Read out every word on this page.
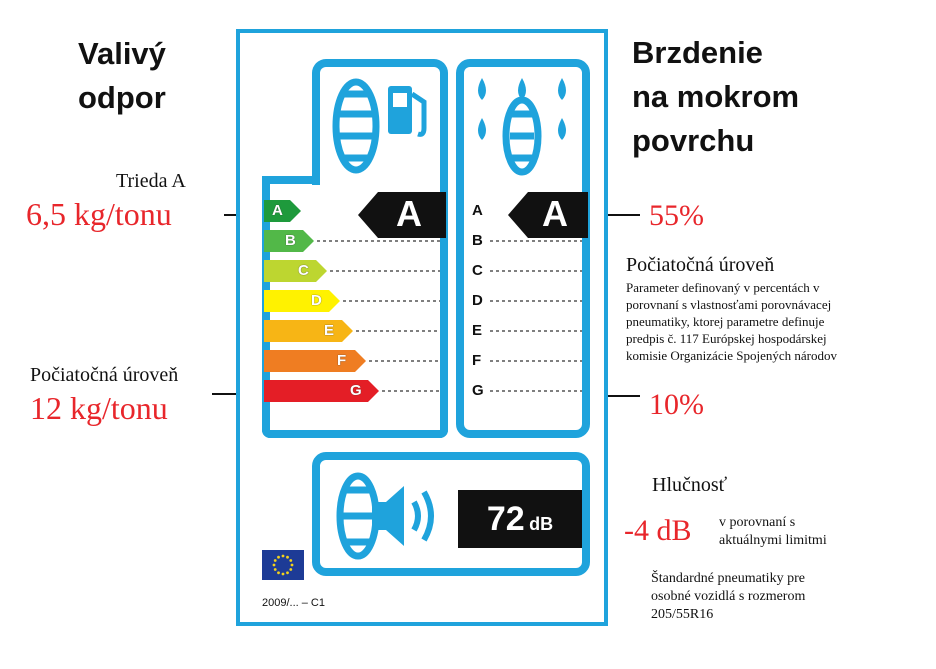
Valivý
odpor
Brzdenie
na mokrom
povrchu
Trieda A
6,5 kg/tonu
Počiatočná úroveň
12 kg/tonu
55%
Počiatočná úroveň
Parameter definovaný v percentách v
porovnaní s vlastnosťami porovnávacej
pneumatiky, ktorej parametre definuje
predpis č. 117 Európskej hospodárskej
komisie Organizácie Spojených národov
10%
Hlučnosť
-4 dB v porovnaní s
aktuálnymi limitmi
Štandardné pneumatiky pre
osobné vozidlá s rozmerom
205/55R16
A
B
C
D
E
F
G
A	A
B
C
D
E
F
G
A
72 dB
2009/... – C1
